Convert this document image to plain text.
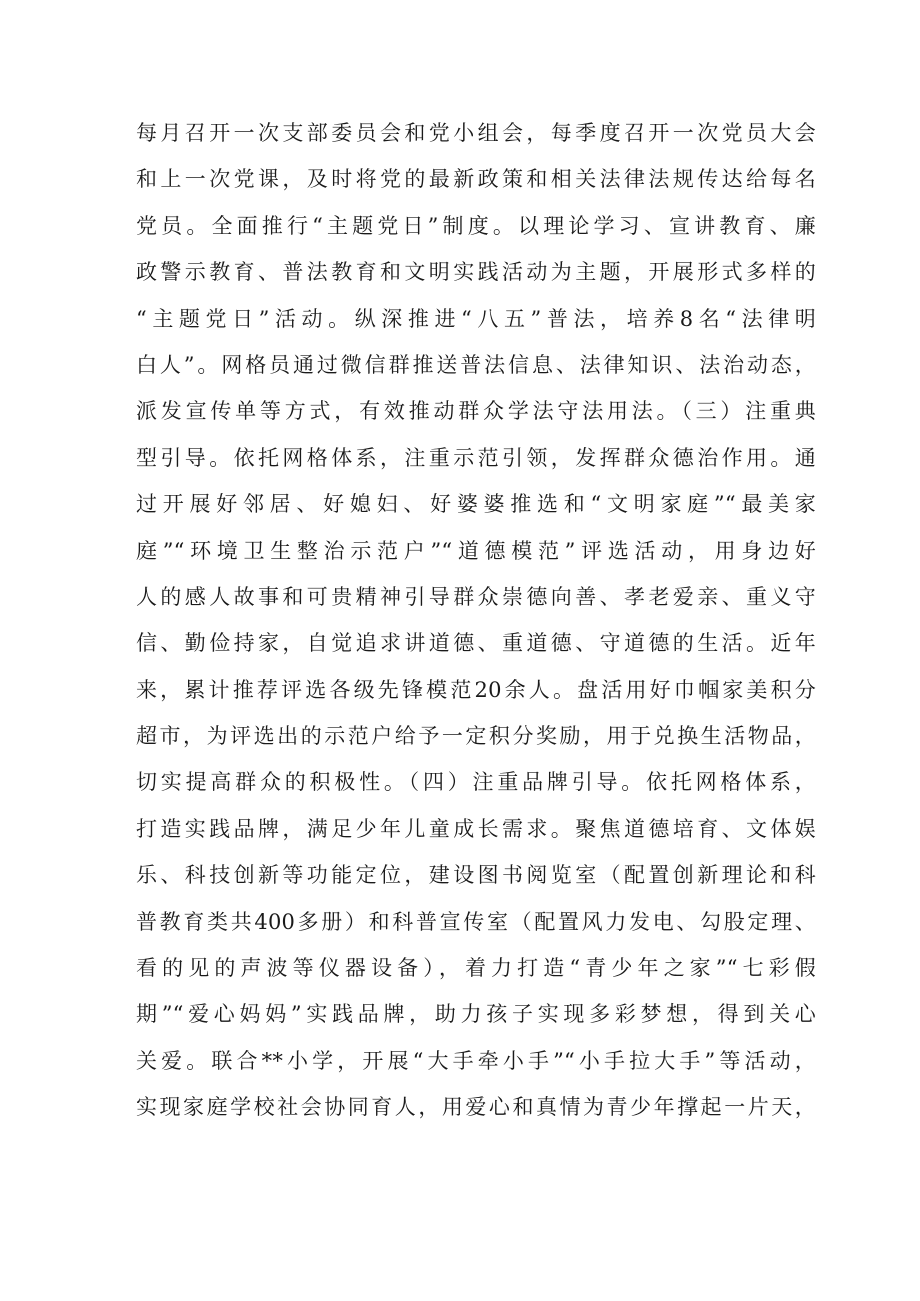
每月召开一次支部委员会和党小组会，每季度召开一次党员大会
和上一次党课，及时将党的最新政策和相关法律法规传达给每名
党员。全面推行“主题党日”制度。以理论学习、宣讲教育、廉
政警示教育、普法教育和文明实践活动为主题，开展形式多样的
“主题党日”活动。纵深推进“八五”普法，培养8名“法律明
白人”。网格员通过微信群推送普法信息、法律知识、法治动态，
派发宣传单等方式，有效推动群众学法守法用法。（三）注重典
型引导。依托网格体系，注重示范引领，发挥群众德治作用。通
过开展好邻居、好媳妇、好婆婆推选和“文明家庭”“最美家
庭”“环境卫生整治示范户”“道德模范”评选活动，用身边好
人的感人故事和可贵精神引导群众崇德向善、孝老爱亲、重义守
信、勤俭持家，自觉追求讲道德、重道德、守道德的生活。近年
来，累计推荐评选各级先锋模范20余人。盘活用好巾帼家美积分
超市，为评选出的示范户给予一定积分奖励，用于兑换生活物品，
切实提高群众的积极性。（四）注重品牌引导。依托网格体系，
打造实践品牌，满足少年儿童成长需求。聚焦道德培育、文体娱
乐、科技创新等功能定位，建设图书阅览室（配置创新理论和科
普教育类共400多册）和科普宣传室（配置风力发电、勾股定理、
看的见的声波等仪器设备），着力打造“青少年之家”“七彩假
期”“爱心妈妈”实践品牌，助力孩子实现多彩梦想，得到关心
关爱。联合**小学，开展“大手牵小手”“小手拉大手”等活动，
实现家庭学校社会协同育人，用爱心和真情为青少年撑起一片天，
